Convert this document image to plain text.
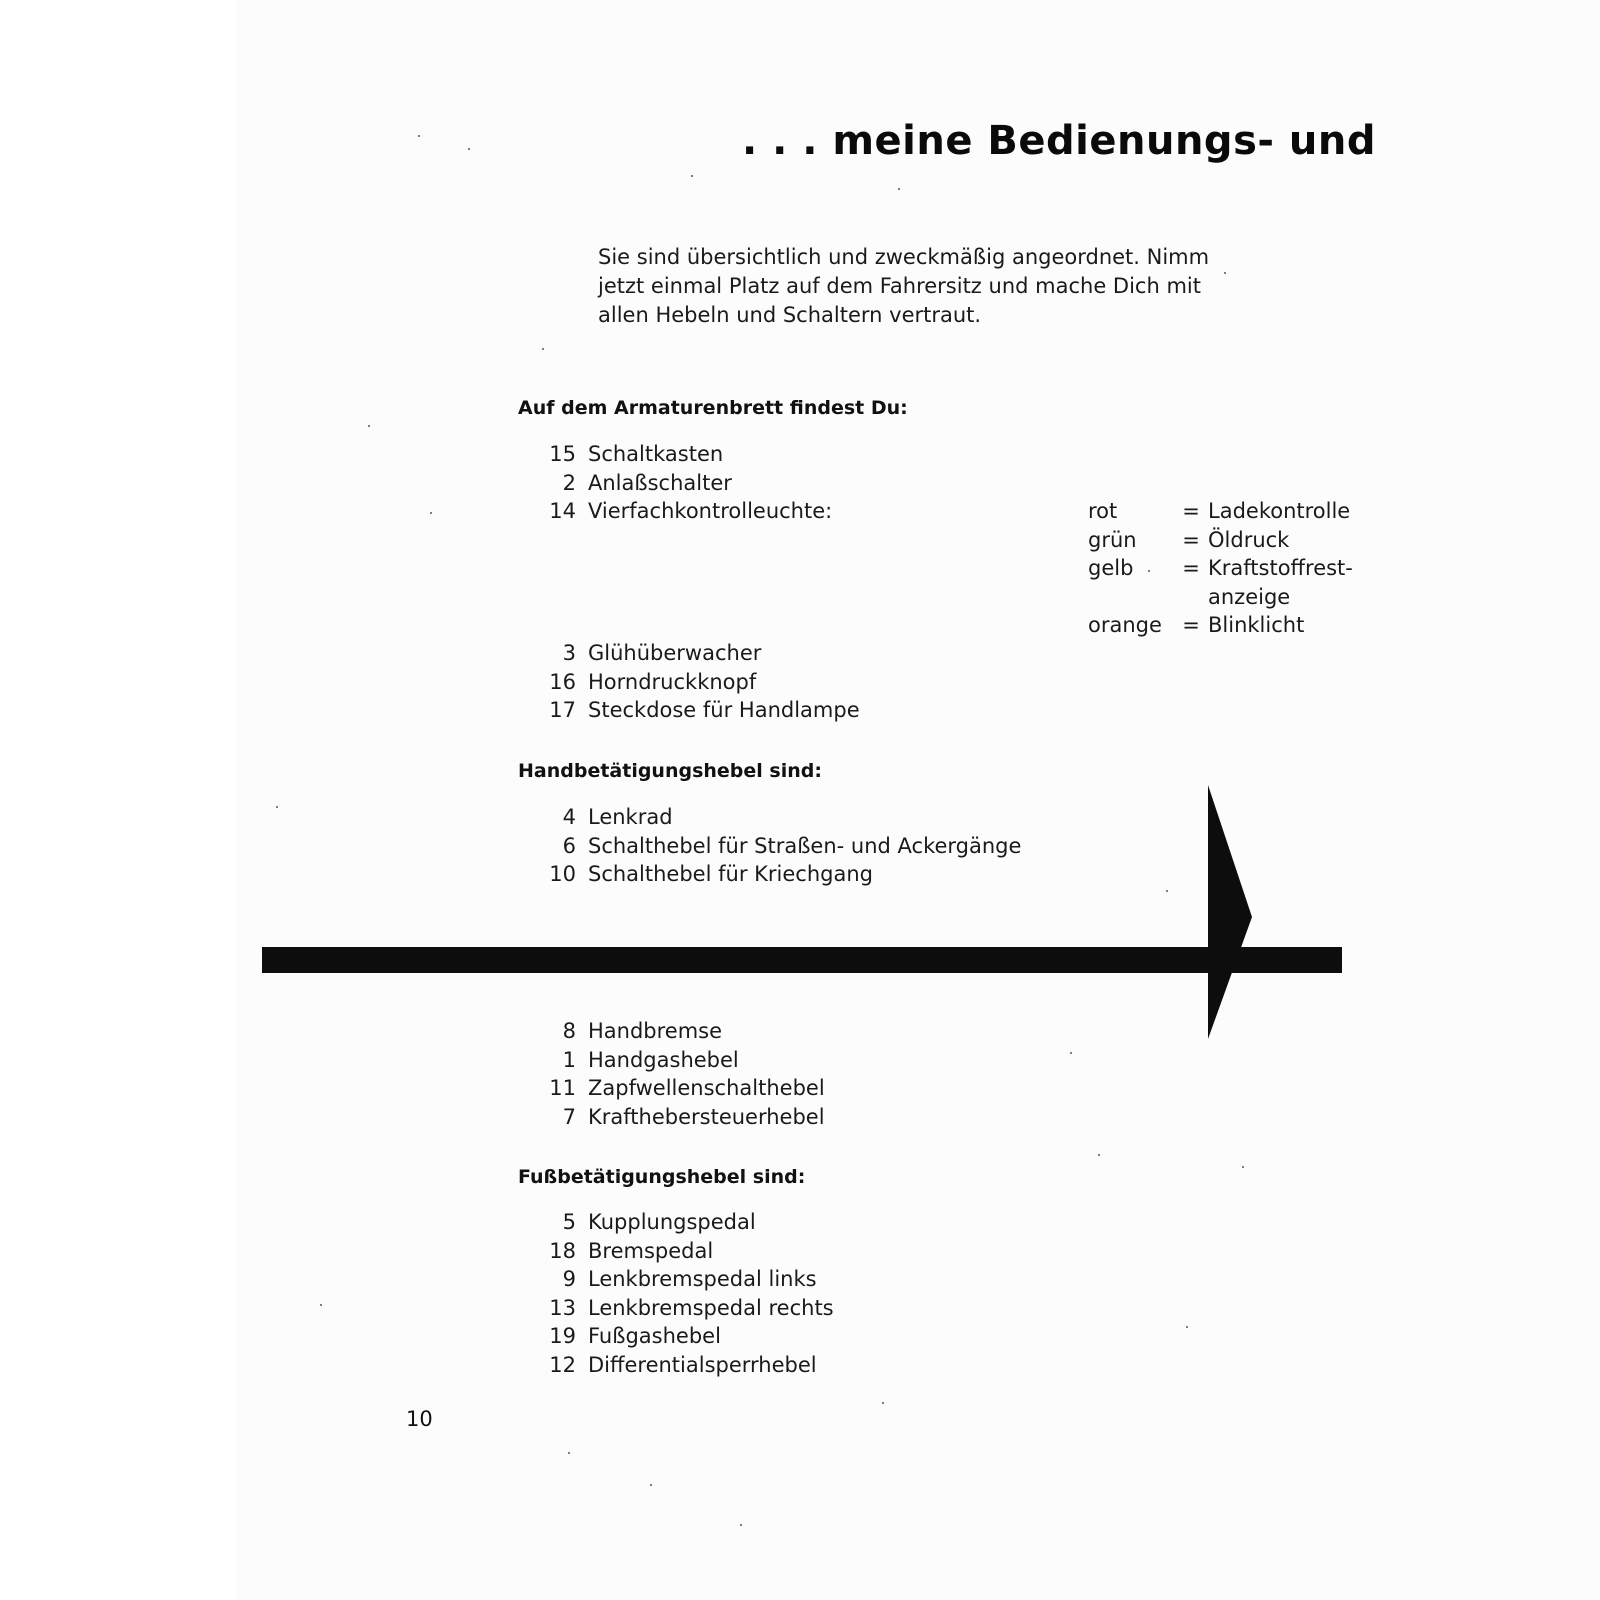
. . . meine Bedienungs- und

Sie sind übersichtlich und zweckmäßig angeordnet. Nimm

jetzt einmal Platz auf dem Fahrersitz und mache Dich mit

allen Hebeln und Schaltern vertraut.

Auf dem Armaturenbrett findest Du:
15 Schaltkasten
2 Anlaßschalter
14 Vierfachkontrolleuchte:	rot	= Ladekontrolle
grün	= Öldruck
gelb	= Kraftstoffrest-
anzeige
orange = Blinklicht
3 Glühüberwacher
16 Horndruckknopf
17 Steckdose für Handlampe
Handbetätigungshebel sind:
4 Lenkrad
6 Schalthebel für Straßen- und Ackergänge
10 Schalthebel für Kriechgang
8 Handbremse
1 Handgashebel
11 Zapfwellenschalthebel
7 Krafthebersteuerhebel
Fußbetätigungshebel sind:
5 Kupplungspedal
18 Bremspedal
9 Lenkbremspedal links
13 Lenkbremspedal rechts
19 Fußgashebel
12 Differentialsperrhebel
10
